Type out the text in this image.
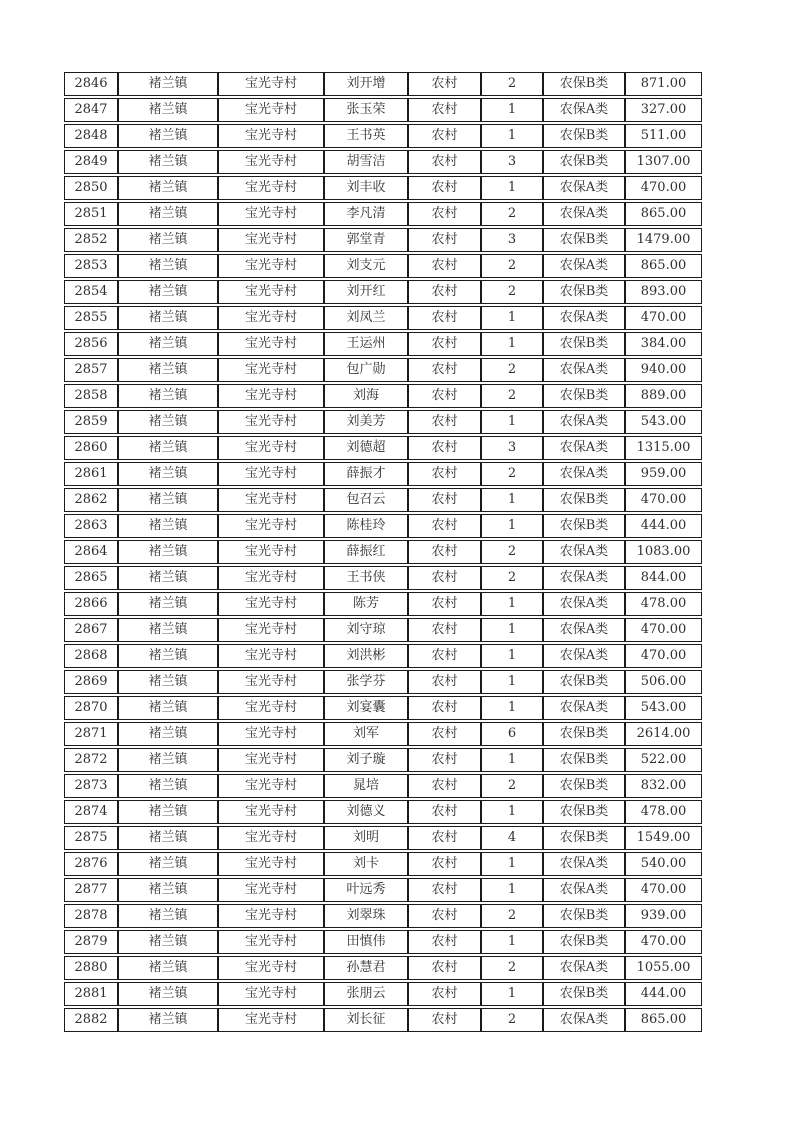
2846	褚兰镇	宝光寺村	刘开增	农村	2	农保B类	871.00
2847	褚兰镇	宝光寺村	张玉荣	农村	1	农保A类	327.00
2848	褚兰镇	宝光寺村	王书英	农村	1	农保B类	511.00
2849	褚兰镇	宝光寺村	胡雪洁	农村	3	农保B类	1307.00
2850	褚兰镇	宝光寺村	刘丰收	农村	1	农保A类	470.00
2851	褚兰镇	宝光寺村	李凡清	农村	2	农保A类	865.00
2852	褚兰镇	宝光寺村	郭堂青	农村	3	农保B类	1479.00
2853	褚兰镇	宝光寺村	刘支元	农村	2	农保A类	865.00
2854	褚兰镇	宝光寺村	刘开红	农村	2	农保B类	893.00
2855	褚兰镇	宝光寺村	刘凤兰	农村	1	农保A类	470.00
2856	褚兰镇	宝光寺村	王运州	农村	1	农保B类	384.00
2857	褚兰镇	宝光寺村	包广勋	农村	2	农保A类	940.00
2858	褚兰镇	宝光寺村	刘海	农村	2	农保B类	889.00
2859	褚兰镇	宝光寺村	刘美芳	农村	1	农保A类	543.00
2860	褚兰镇	宝光寺村	刘德超	农村	3	农保A类	1315.00
2861	褚兰镇	宝光寺村	薛振才	农村	2	农保A类	959.00
2862	褚兰镇	宝光寺村	包召云	农村	1	农保B类	470.00
2863	褚兰镇	宝光寺村	陈桂玲	农村	1	农保B类	444.00
2864	褚兰镇	宝光寺村	薛振红	农村	2	农保A类	1083.00
2865	褚兰镇	宝光寺村	王书侠	农村	2	农保A类	844.00
2866	褚兰镇	宝光寺村	陈芳	农村	1	农保A类	478.00
2867	褚兰镇	宝光寺村	刘守琼	农村	1	农保A类	470.00
2868	褚兰镇	宝光寺村	刘洪彬	农村	1	农保A类	470.00
2869	褚兰镇	宝光寺村	张学芬	农村	1	农保B类	506.00
2870	褚兰镇	宝光寺村	刘宴囊	农村	1	农保A类	543.00
2871	褚兰镇	宝光寺村	刘军	农村	6	农保B类	2614.00
2872	褚兰镇	宝光寺村	刘子璇	农村	1	农保B类	522.00
2873	褚兰镇	宝光寺村	晁培	农村	2	农保B类	832.00
2874	褚兰镇	宝光寺村	刘德义	农村	1	农保B类	478.00
2875	褚兰镇	宝光寺村	刘明	农村	4	农保B类	1549.00
2876	褚兰镇	宝光寺村	刘卡	农村	1	农保A类	540.00
2877	褚兰镇	宝光寺村	叶远秀	农村	1	农保A类	470.00
2878	褚兰镇	宝光寺村	刘翠珠	农村	2	农保B类	939.00
2879	褚兰镇	宝光寺村	田慎伟	农村	1	农保B类	470.00
2880	褚兰镇	宝光寺村	孙慧君	农村	2	农保A类	1055.00
2881	褚兰镇	宝光寺村	张朋云	农村	1	农保B类	444.00
2882	褚兰镇	宝光寺村	刘长征	农村	2	农保A类	865.00
